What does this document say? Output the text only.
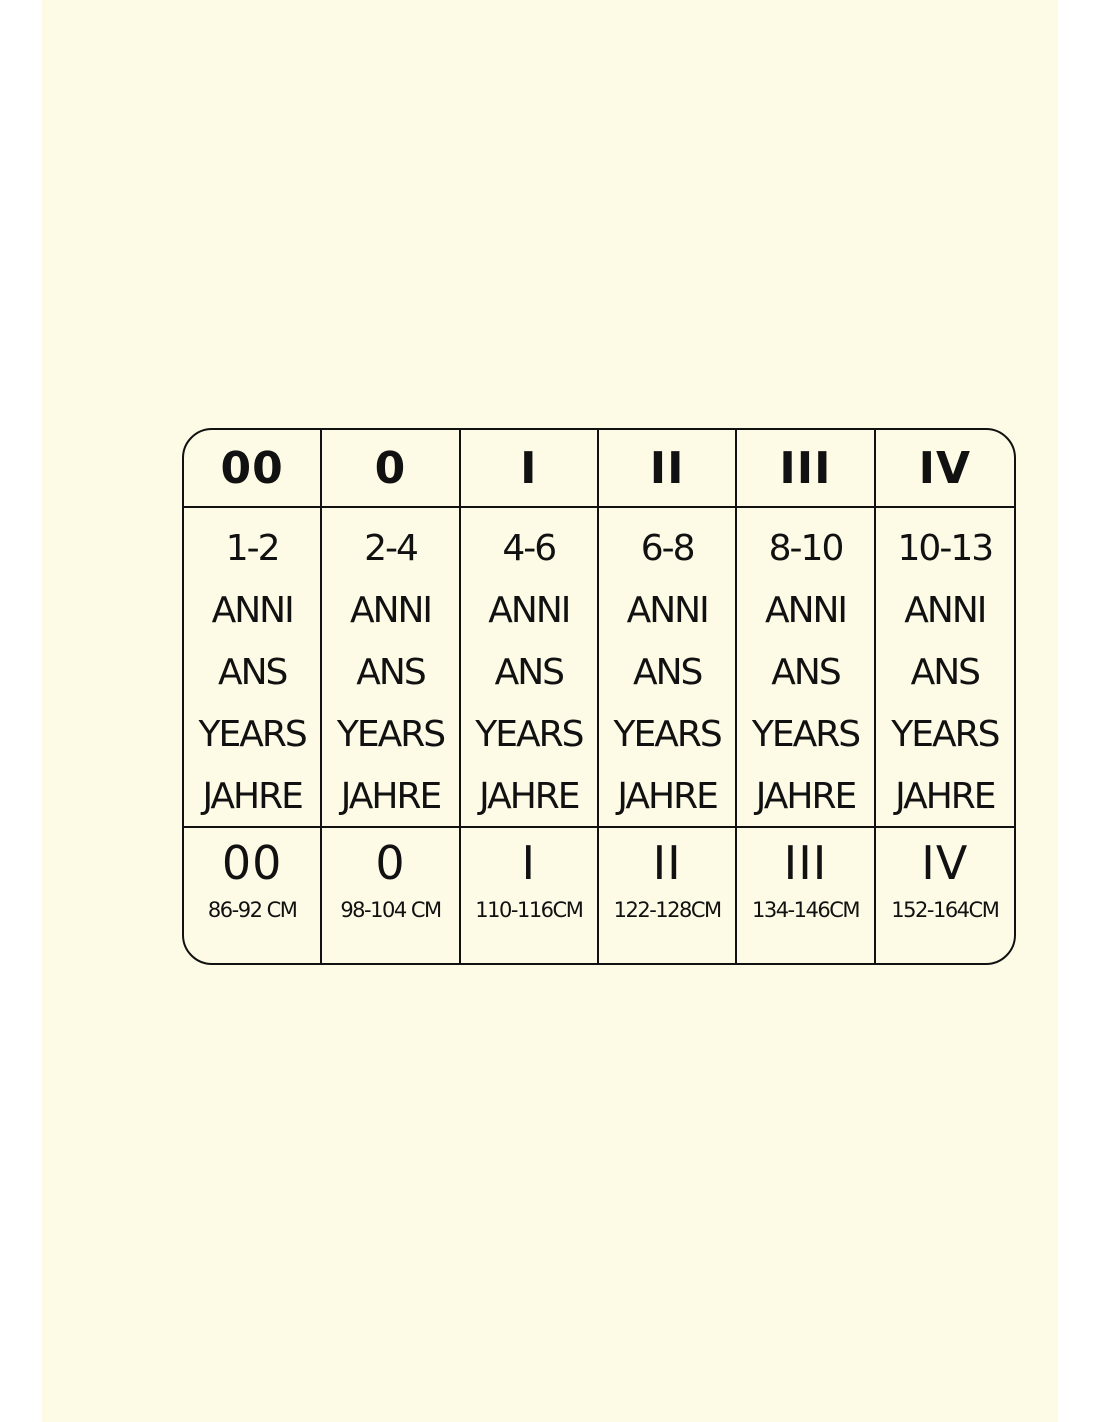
00 0	I	II III IV
1-2
ANNI
ANS
YEARS
JAHRE
2-4
ANNI
ANS
YEARS
JAHRE
4-6
ANNI
ANS
YEARS
JAHRE
6-8
ANNI
ANS
YEARS
JAHRE
8-10
ANNI
ANS
YEARS
JAHRE
10-13
ANNI
ANS
YEARS
JAHRE
00
86-92 CM
0
98-104 CM
I
110-116CM
II
122-128CM
III
134-146CM
IV
152-164CM
